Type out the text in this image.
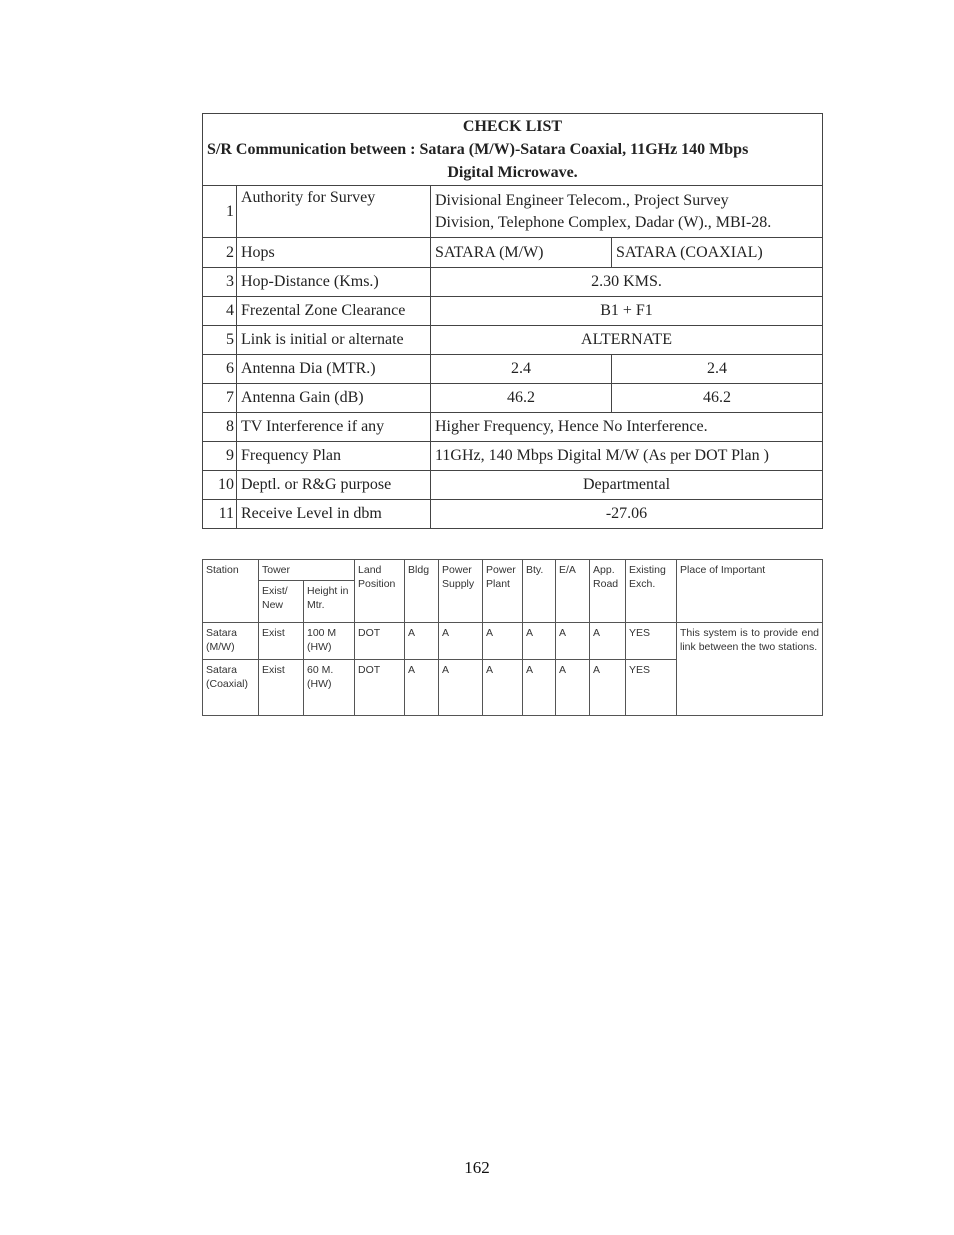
CHECK LIST
S/R Communication between : Satara (M/W)-Satara Coaxial, 11GHz 140 Mbps
Digital Microwave.			

1	Authority for Survey	Divisional Engineer Telecom., Project Survey
Division, Telephone Complex, Dadar (W)., MBI-28.	

2	Hops	SATARA (M/W)	SATARA (COAXIAL)
3	Hop-Distance (Kms.)	2.30 KMS.	
4	Frezental Zone Clearance	B1 + F1	
5	Link is initial or alternate	ALTERNATE	
6	Antenna Dia (MTR.)	2.4	2.4
7	Antenna Gain (dB)	46.2	46.2
8	TV Interference if any	Higher Frequency, Hence No Interference.	
9	Frequency Plan	11GHz, 140 Mbps Digital M/W (As per DOT Plan )	
10	Deptl. or R&G purpose	Departmental	
11	Receive Level in dbm	-27.06	
Station	Tower		Land Position	Bldg	Power Supply	Power Plant	Bty.	E/A	App. Road	Existing Exch.	Place of Important
	Exist/ New	Height in Mtr.									
Satara (M/W)	Exist	100 M (HW)	DOT	A	A	A	A	A	A	YES	This system is to provide end link between the two stations.
Satara (Coaxial)	Exist	60 M. (HW)	DOT	A	A	A	A	A	A	YES	
162
